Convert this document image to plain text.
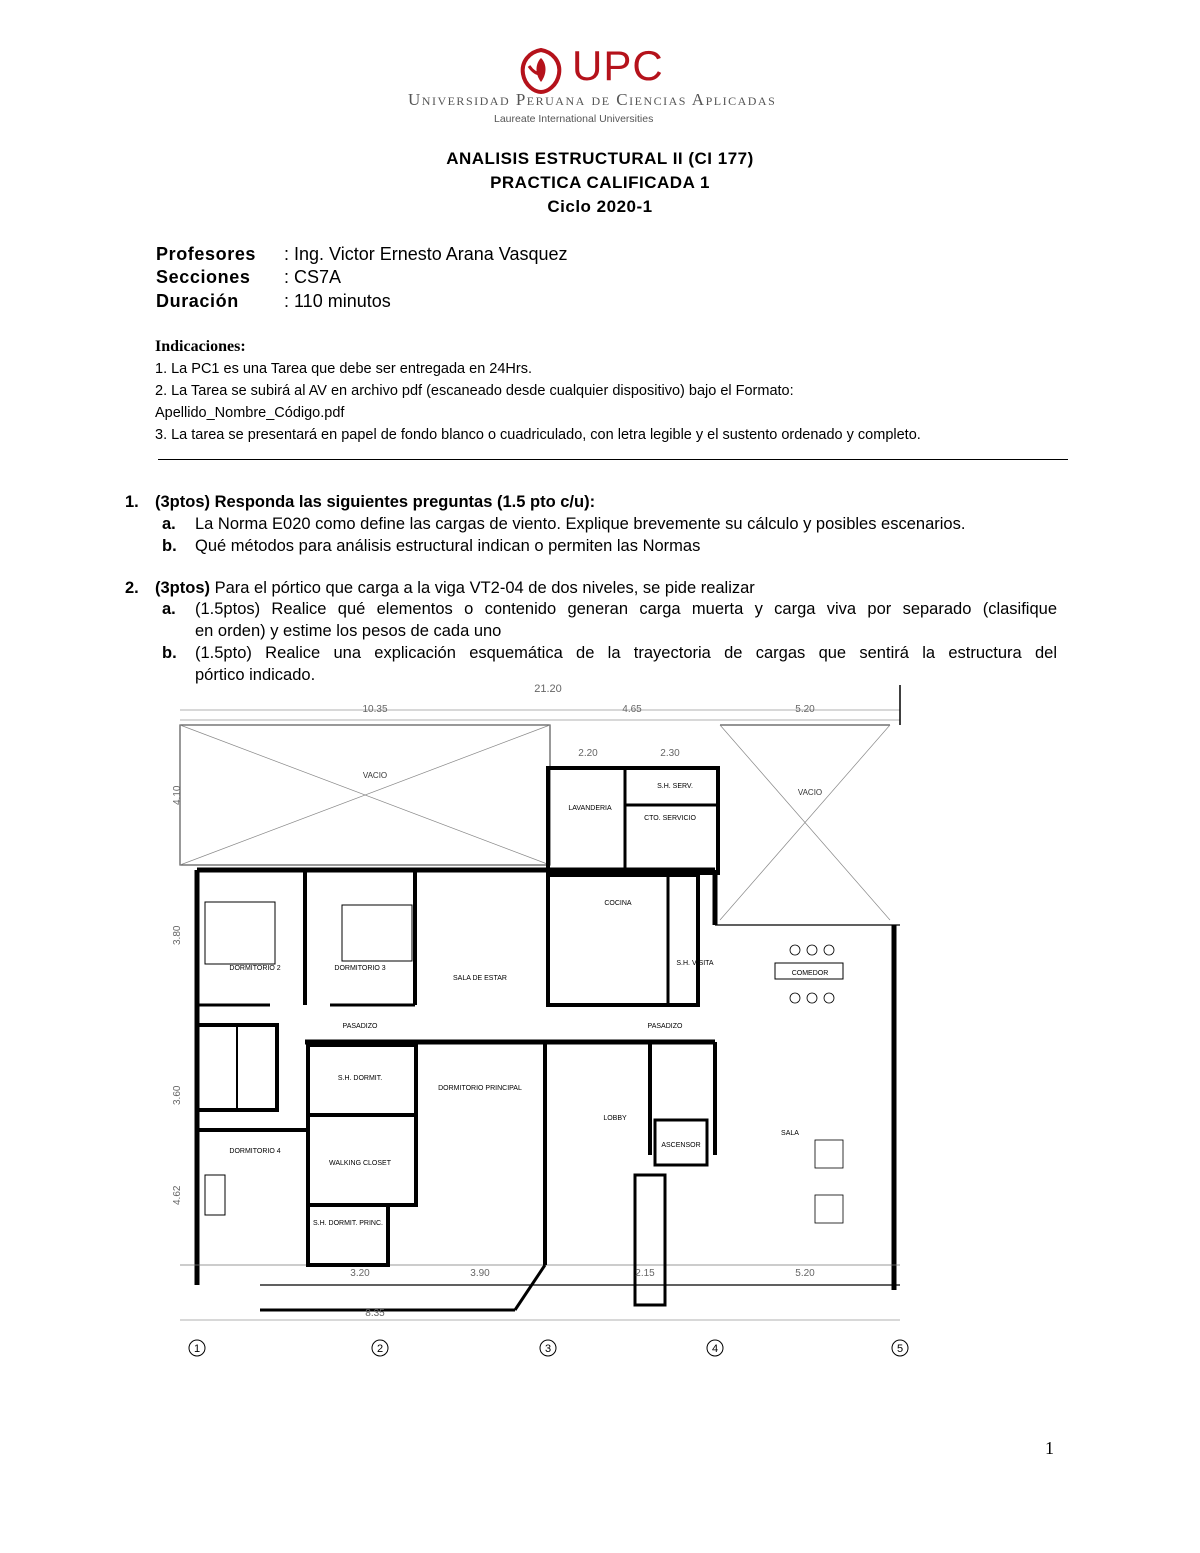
UPC
Universidad Peruana de Ciencias Aplicadas
Laureate International Universities
ANALISIS ESTRUCTURAL II (CI 177)
PRACTICA CALIFICADA 1
Ciclo 2020-1
Profesores : Ing. Victor Ernesto Arana Vasquez
Secciones : CS7A
Duración	: 110 minutos
Indicaciones:
1. La PC1 es una Tarea que debe ser entregada en 24Hrs.
2. La Tarea se subirá al AV en archivo pdf (escaneado desde cualquier dispositivo) bajo el Formato:
Apellido_Nombre_Código.pdf
3. La tarea se presentará en papel de fondo blanco o cuadriculado, con letra legible y el sustento ordenado y completo.
1. (3ptos) Responda las siguientes preguntas (1.5 pto c/u):
a. La Norma E020 como define las cargas de viento. Explique brevemente su cálculo y posibles escenarios.
b. Qué métodos para análisis estructural indican o permiten las Normas
2. (3ptos) Para el pórtico que carga a la viga VT2-04 de dos niveles, se pide realizar
a. (1.5ptos) Realice qué elementos o contenido generan carga muerta y carga viva por separado (clasifique
en orden) y estime los pesos de cada uno
b. (1.5pto) Realice una explicación esquemática de la trayectoria de cargas que sentirá la estructura del
pórtico indicado.
21.20
10.35	4.65	5.20
2.20	2.30
VACIO
VACIO
LAVANDERIA
CTO. SERVICIO
S.H. SERV.
DORMITORIO 2	DORMITORIO 3
SALA DE ESTAR
COCINA
S.H. VISITA
COMEDOR
PASADIZO	PASADIZO
S.H. DORMIT.
WALKING CLOSET
S.H. DORMIT. PRINC.
DORMITORIO PRINCIPAL
DORMITORIO 4
LOBBY
ASCENSOR
SALA
4.10
3.80
3.60
4.62
3.20	3.90	2.15	5.20
8.35
1	2	3	4	5
1
